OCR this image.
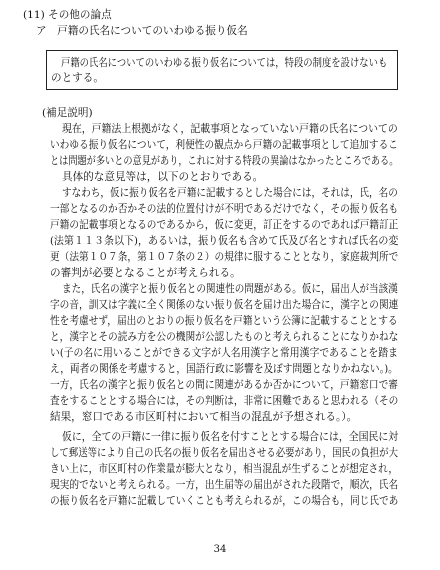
(11) その他の論点
ア　戸籍の氏名についてのいわゆる振り仮名
戸籍の氏名についてのいわゆる振り仮名については，特段の制度を設けないも
のとする。
(補足説明)
現在，戸籍法上根拠がなく，記載事項となっていない戸籍の氏名についての
いわゆる振り仮名について，利便性の観点から戸籍の記載事項として追加するこ
とは問題が多いとの意見があり，これに対する特段の異論はなかったところである。
具体的な意見等は，以下のとおりである。
すなわち，仮に振り仮名を戸籍に記載するとした場合には，それは，氏，名の
一部となるのか否かその法的位置付けが不明であるだけでなく，その振り仮名も
戸籍の記載事項となるのであるから，仮に変更，訂正をするのであれば戸籍訂正
(法第１１３条以下)，あるいは，振り仮名も含めて氏及び名とすれば氏名の変
更（法第１０７条，第１０７条の２）の規律に服することとなり，家庭裁判所で
の審判が必要となることが考えられる。
また，氏名の漢字と振り仮名との関連性の問題がある。仮に，届出人が当該漢
字の音，訓又は字義に全く関係のない振り仮名を届け出た場合に，漢字との関連
性を考慮せず，届出のとおりの振り仮名を戸籍という公簿に記載することとする
と，漢字とその読み方を公の機関が公認したものと考えられることになりかねな
い(子の名に用いることができる文字が人名用漢字と常用漢字であることを踏ま
え，両者の関係を考慮すると，国語行政に影響を及ぼす問題となりかねない。)。
一方，氏名の漢字と振り仮名との間に関連があるか否かについて，戸籍窓口で審
査をすることとする場合には，その判断は，非常に困難であると思われる（その
結果，窓口である市区町村において相当の混乱が予想される。）。
仮に，全ての戸籍に一律に振り仮名を付すこととする場合には，全国民に対
して郵送等により自己の氏名の振り仮名を届出させる必要があり，国民の負担が大
きい上に，市区町村の作業量が膨大となり，相当混乱が生ずることが想定され，
現実的でないと考えられる。一方，出生届等の届出がされた段階で，順次，氏名
の振り仮名を戸籍に記載していくことも考えられるが，この場合も，同じ氏であ
34
